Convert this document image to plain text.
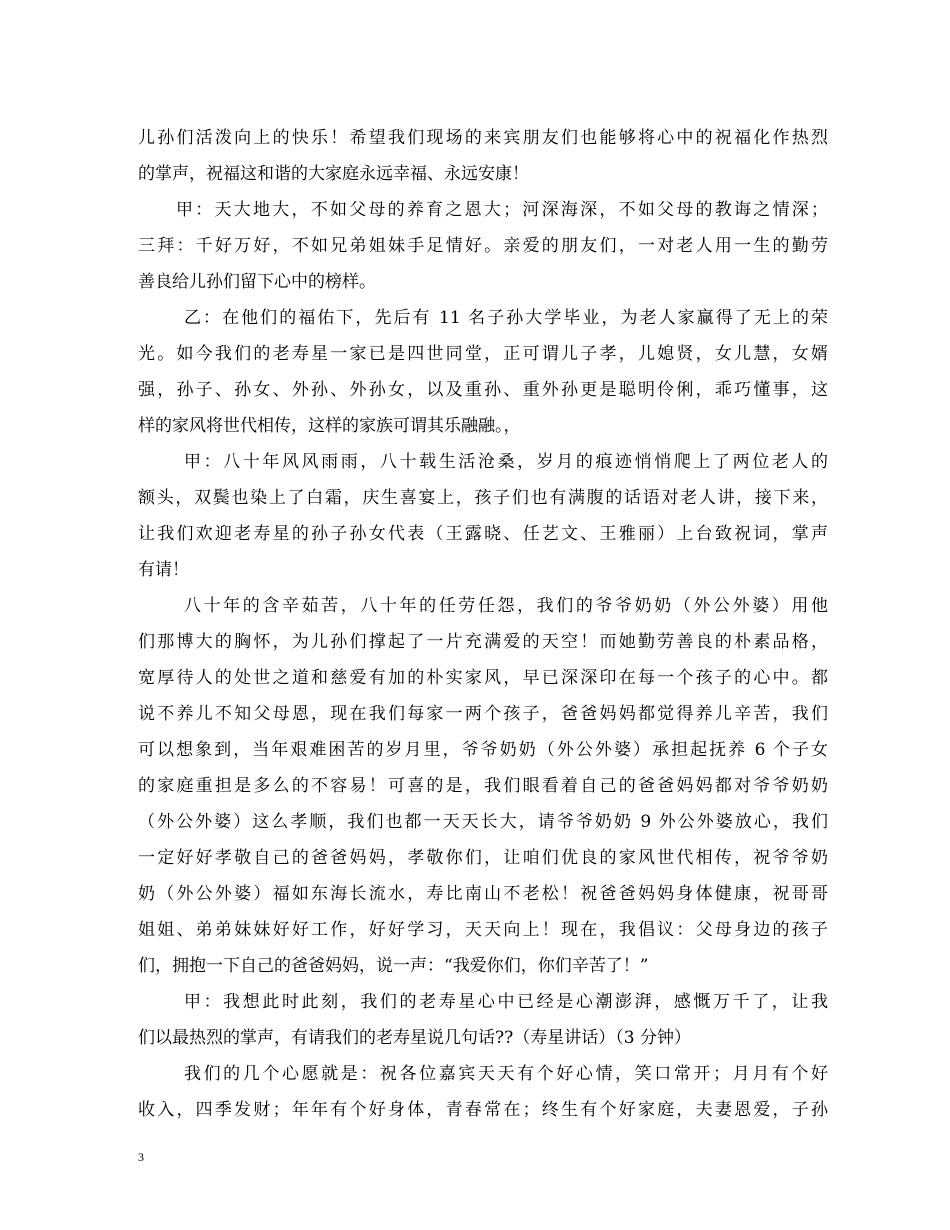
儿孙们活泼向上的快乐！希望我们现场的来宾朋友们也能够将心中的祝福化作热烈
的掌声，祝福这和谐的大家庭永远幸福、永远安康！
甲：天大地大，不如父母的养育之恩大；河深海深，不如父母的教诲之情深；
三拜：千好万好，不如兄弟姐妹手足情好。亲爱的朋友们，一对老人用一生的勤劳
善良给儿孙们留下心中的榜样。
乙：在他们的福佑下，先后有 11 名子孙大学毕业，为老人家赢得了无上的荣
光。如今我们的老寿星一家已是四世同堂，正可谓儿子孝，儿媳贤，女儿慧，女婿
强，孙子、孙女、外孙、外孙女，以及重孙、重外孙更是聪明伶俐，乖巧懂事，这
样的家风将世代相传，这样的家族可谓其乐融融。，
甲：八十年风风雨雨，八十载生活沧桑，岁月的痕迹悄悄爬上了两位老人的
额头，双鬓也染上了白霜，庆生喜宴上，孩子们也有满腹的话语对老人讲，接下来，
让我们欢迎老寿星的孙子孙女代表（王露晓、任艺文、王雅丽）上台致祝词，掌声
有请！
八十年的含辛茹苦，八十年的任劳任怨，我们的爷爷奶奶（外公外婆）用他
们那博大的胸怀，为儿孙们撑起了一片充满爱的天空！而她勤劳善良的朴素品格，
宽厚待人的处世之道和慈爱有加的朴实家风，早已深深印在每一个孩子的心中。都
说不养儿不知父母恩，现在我们每家一两个孩子，爸爸妈妈都觉得养儿辛苦，我们
可以想象到，当年艰难困苦的岁月里，爷爷奶奶（外公外婆）承担起抚养 6 个子女
的家庭重担是多么的不容易！可喜的是，我们眼看着自己的爸爸妈妈都对爷爷奶奶
（外公外婆）这么孝顺，我们也都一天天长大，请爷爷奶奶 9 外公外婆放心，我们
一定好好孝敬自己的爸爸妈妈，孝敬你们，让咱们优良的家风世代相传，祝爷爷奶
奶（外公外婆）福如东海长流水，寿比南山不老松！祝爸爸妈妈身体健康，祝哥哥
姐姐、弟弟妹妹好好工作，好好学习，天天向上！现在，我倡议：父母身边的孩子
们，拥抱一下自己的爸爸妈妈，说一声：“我爱你们，你们辛苦了！”
甲：我想此时此刻，我们的老寿星心中已经是心潮澎湃，感慨万千了，让我
们以最热烈的掌声，有请我们的老寿星说几句话??（寿星讲话）（3 分钟）
我们的几个心愿就是：祝各位嘉宾天天有个好心情，笑口常开；月月有个好
收入，四季发财；年年有个好身体，青春常在；终生有个好家庭，夫妻恩爱，子孙
3
